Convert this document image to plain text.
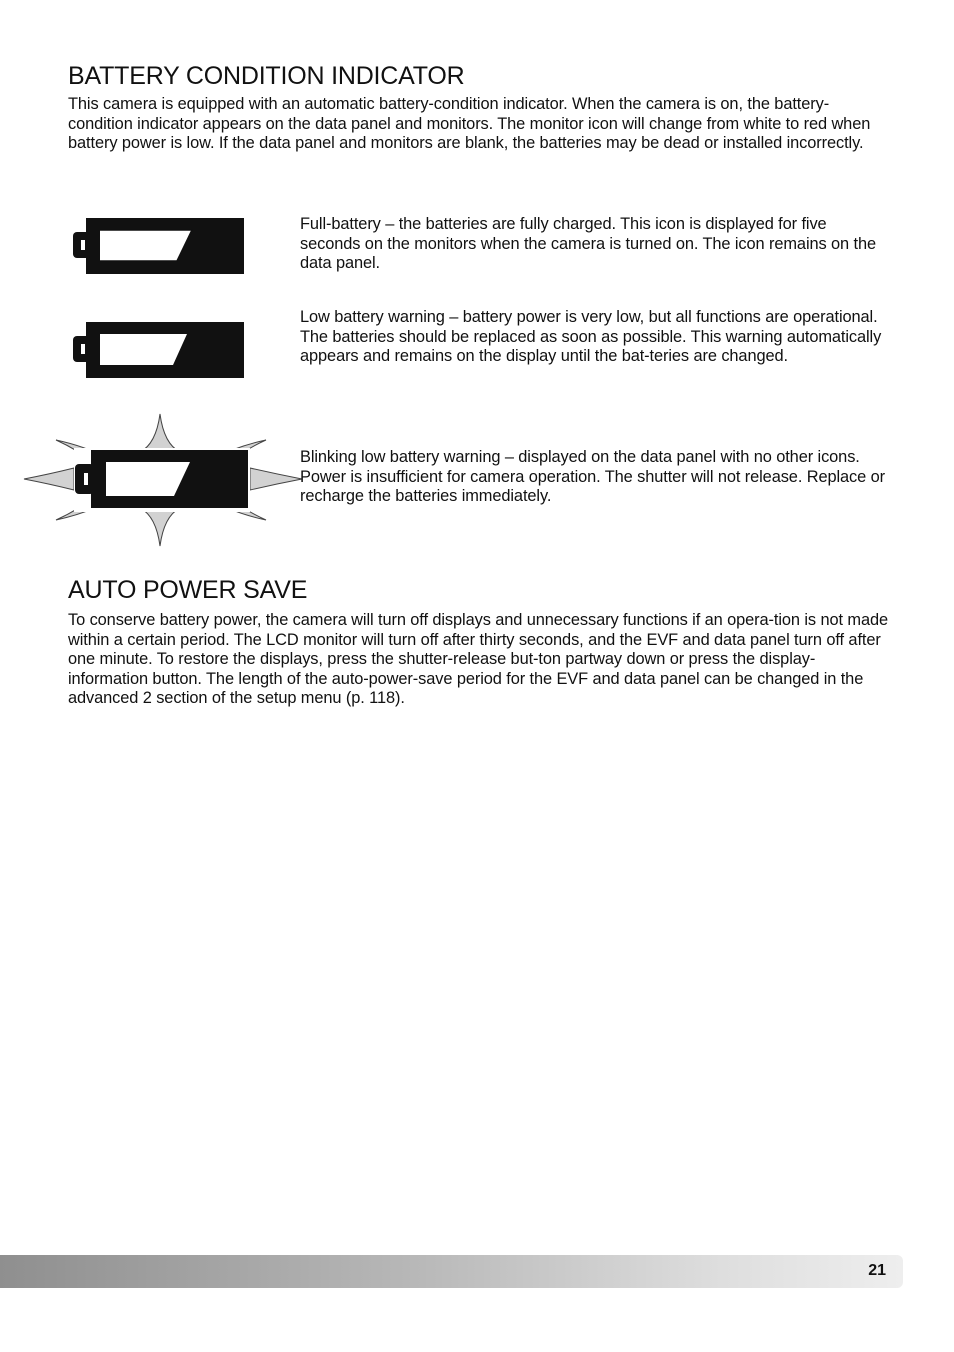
BATTERY CONDITION INDICATOR

This camera is equipped with an automatic battery-condition indicator. When the camera is on, the battery-condition indicator appears on the data panel and monitors. The monitor icon will change from white to red when battery power is low. If the data panel and monitors are blank, the batteries may be dead or installed incorrectly.

Full-battery – the batteries are fully charged. This icon is displayed for five seconds on the monitors when the camera is turned on. The icon remains on the data panel.

Low battery warning – battery power is very low, but all functions are operational. The batteries should be replaced as soon as possible. This warning automatically appears and remains on the display until the bat-teries are changed.

Blinking low battery warning – displayed on the data panel with no other icons. Power is insufficient for camera operation. The shutter will not release. Replace or recharge the batteries immediately.

AUTO POWER SAVE

To conserve battery power, the camera will turn off displays and unnecessary functions if an opera-tion is not made within a certain period. The LCD monitor will turn off after thirty seconds, and the EVF and data panel turn off after one minute. To restore the displays, press the shutter-release but-ton partway down or press the display-information button. The length of the auto-power-save period for the EVF and data panel can be changed in the advanced 2 section of the setup menu (p. 118).

21
